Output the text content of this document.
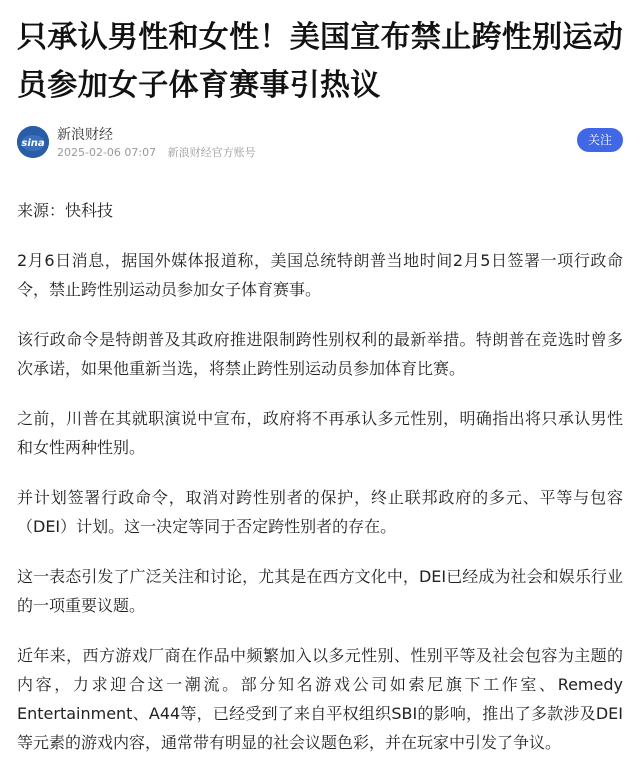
只承认男性和女性！美国宣布禁止跨性别运动员参加女子体育赛事引热议
sina
新浪财经
2025-02-06 07:07 新浪财经官方账号
关注

来源：快科技

2月6日消息，据国外媒体报道称，美国总统特朗普当地时间2月5日签署一项行政命令，禁止跨性别运动员参加女子体育赛事。

该行政命令是特朗普及其政府推进限制跨性别权利的最新举措。特朗普在竞选时曾多次承诺，如果他重新当选，将禁止跨性别运动员参加体育比赛。

之前，川普在其就职演说中宣布，政府将不再承认多元性别，明确指出将只承认男性和女性两种性别。

并计划签署行政命令，取消对跨性别者的保护，终止联邦政府的多元、平等与包容（DEI）计划。这一决定等同于否定跨性别者的存在。

这一表态引发了广泛关注和讨论，尤其是在西方文化中，DEI已经成为社会和娱乐行业的一项重要议题。

近年来，西方游戏厂商在作品中频繁加入以多元性别、性别平等及社会包容为主题的内容，力求迎合这一潮流。部分知名游戏公司如索尼旗下工作室、Remedy Entertainment、A44等，已经受到了来自平权组织SBI的影响，推出了多款涉及DEI等元素的游戏内容，通常带有明显的社会议题色彩，并在玩家中引发了争议。
